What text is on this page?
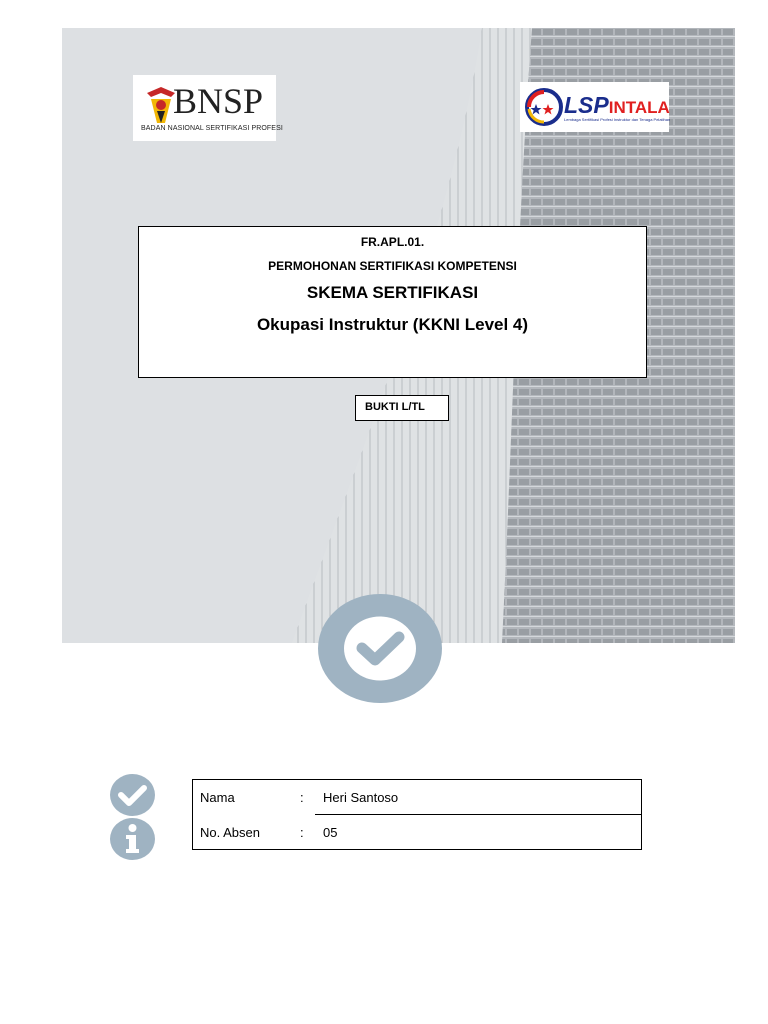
BNSP
BADAN NASIONAL SERTIFIKASI PROFESI
LSPINTALA
Lembaga Sertifikasi Profesi Instruktur dan Tenaga Pelatihan
FR.APL.01.
PERMOHONAN SERTIFIKASI KOMPETENSI
SKEMA SERTIFIKASI
Okupasi Instruktur (KKNI Level 4)
BUKTI L/TL
Nama	: Heri Santoso
No. Absen	: 05
